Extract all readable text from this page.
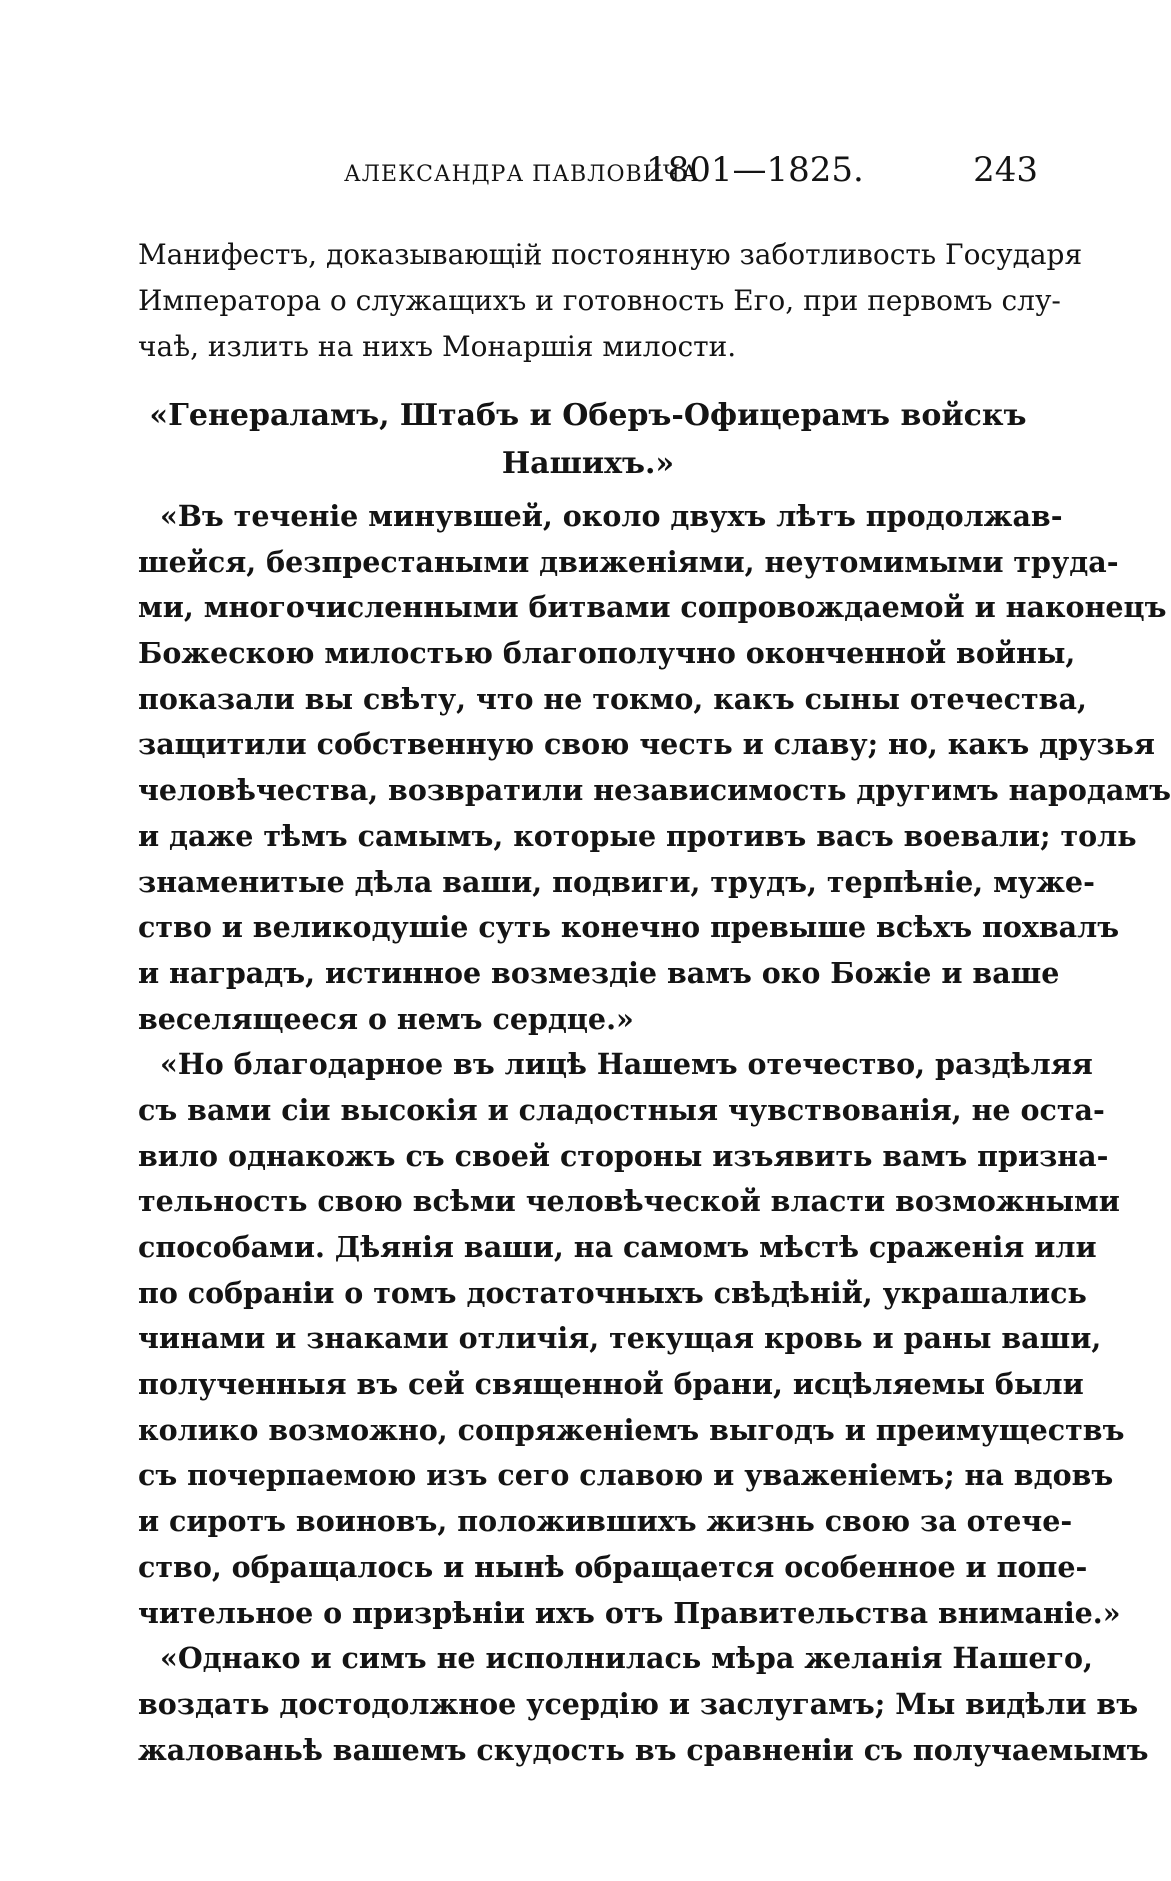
АЛЕКСАНДРА ПАВЛОВИЧА
1801—1825.	243
Манифестъ, доказывающій постоянную заботливость Государя
Императора о служащихъ и готовность Его, при первомъ слу-
чаѣ, излить на нихъ Монаршія милости.
«Генераламъ, Штабъ и Оберъ-Офицерамъ войскъ
Нашихъ.»
«Въ теченіе минувшей, около двухъ лѣтъ продолжав-
шейся, безпрестаными движеніями, неутомимыми труда-
ми, многочисленными битвами сопровождаемой и наконецъ
Божескою милостью благополучно оконченной войны,
показали вы свѣту, что не токмо, какъ сыны отечества,
защитили собственную свою честь и славу; но, какъ друзья
человѣчества, возвратили независимость другимъ народамъ
и даже тѣмъ самымъ, которые противъ васъ воевали; толь
знаменитые дѣла ваши, подвиги, трудъ, терпѣніе, муже-
ство и великодушіе суть конечно превыше всѣхъ похвалъ
и наградъ, истинное возмездіе вамъ око Божіе и ваше
веселящееся о немъ сердце.»
«Но благодарное въ лицѣ Нашемъ отечество, раздѣляя
съ вами сіи высокія и сладостныя чувствованія, не оста-
вило однакожъ съ своей стороны изъявить вамъ призна-
тельность свою всѣми человѣческой власти возможными
способами. Дѣянія ваши, на самомъ мѣстѣ сраженія или
по собраніи о томъ достаточныхъ свѣдѣній, украшались
чинами и знаками отличія, текущая кровь и раны ваши,
полученныя въ сей священной брани, исцѣляемы были
колико возможно, сопряженіемъ выгодъ и преимуществъ
съ почерпаемою изъ сего славою и уваженіемъ; на вдовъ
и сиротъ воиновъ, положившихъ жизнь свою за отече-
ство, обращалось и нынѣ обращается особенное и попе-
чительное о призрѣніи ихъ отъ Правительства вниманіе.»
«Однако и симъ не исполнилась мѣра желанія Нашего,
воздать достодолжное усердію и заслугамъ; Мы видѣли въ
жалованьѣ вашемъ скудость въ сравненіи съ получаемымъ
